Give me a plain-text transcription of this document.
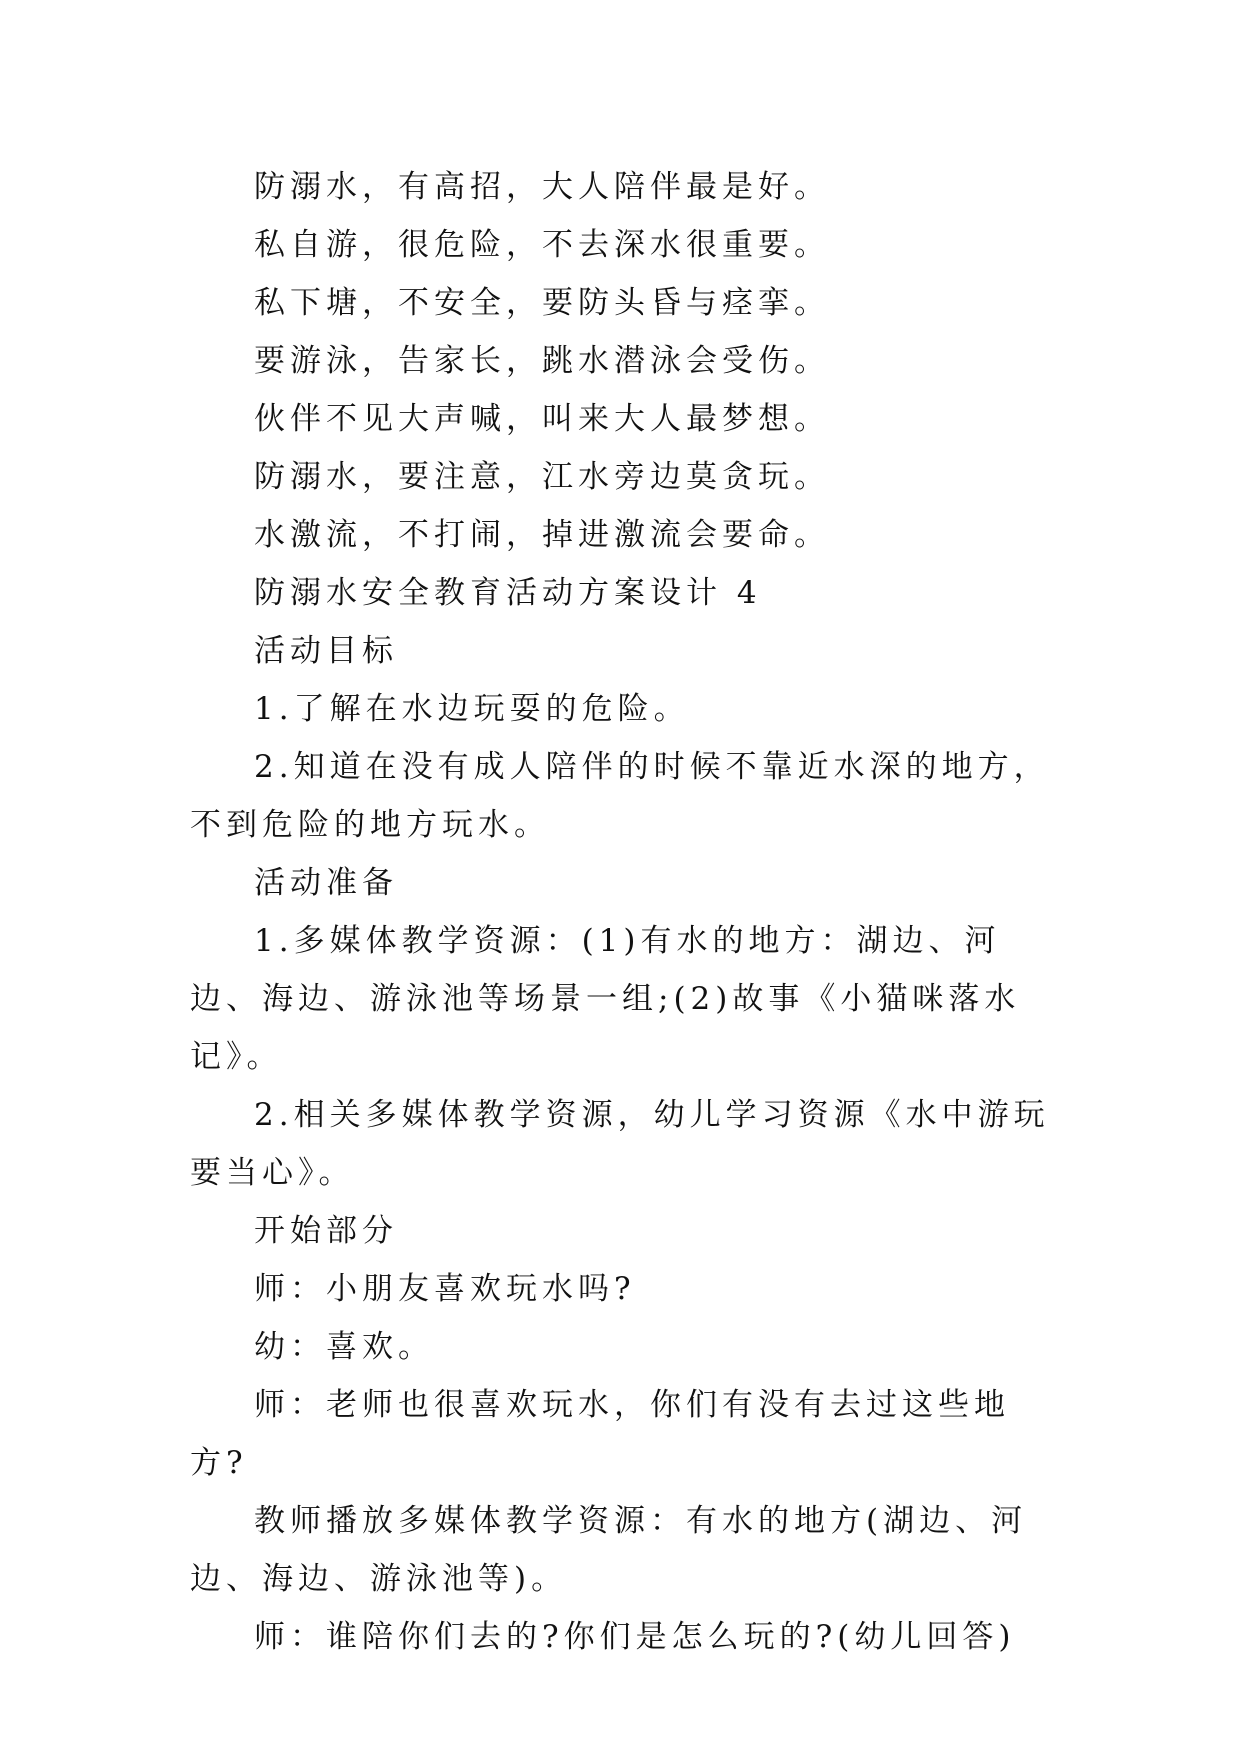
防溺水，有高招，大人陪伴最是好。

私自游，很危险，不去深水很重要。

私下塘，不安全，要防头昏与痉挛。

要游泳，告家长，跳水潜泳会受伤。

伙伴不见大声喊，叫来大人最梦想。

防溺水，要注意，江水旁边莫贪玩。

水激流，不打闹，掉进激流会要命。

防溺水安全教育活动方案设计 4

活动目标

1.了解在水边玩耍的危险。

2.知道在没有成人陪伴的时候不靠近水深的地方，不到危险的地方玩水。

活动准备

1.多媒体教学资源：(1)有水的地方：湖边、河边、海边、游泳池等场景一组;(2)故事《小猫咪落水记》。

2.相关多媒体教学资源，幼儿学习资源《水中游玩要当心》。

开始部分

师：小朋友喜欢玩水吗?

幼：喜欢。

师：老师也很喜欢玩水，你们有没有去过这些地方?

教师播放多媒体教学资源：有水的地方(湖边、河边、海边、游泳池等)。

师：谁陪你们去的?你们是怎么玩的?(幼儿回答)
